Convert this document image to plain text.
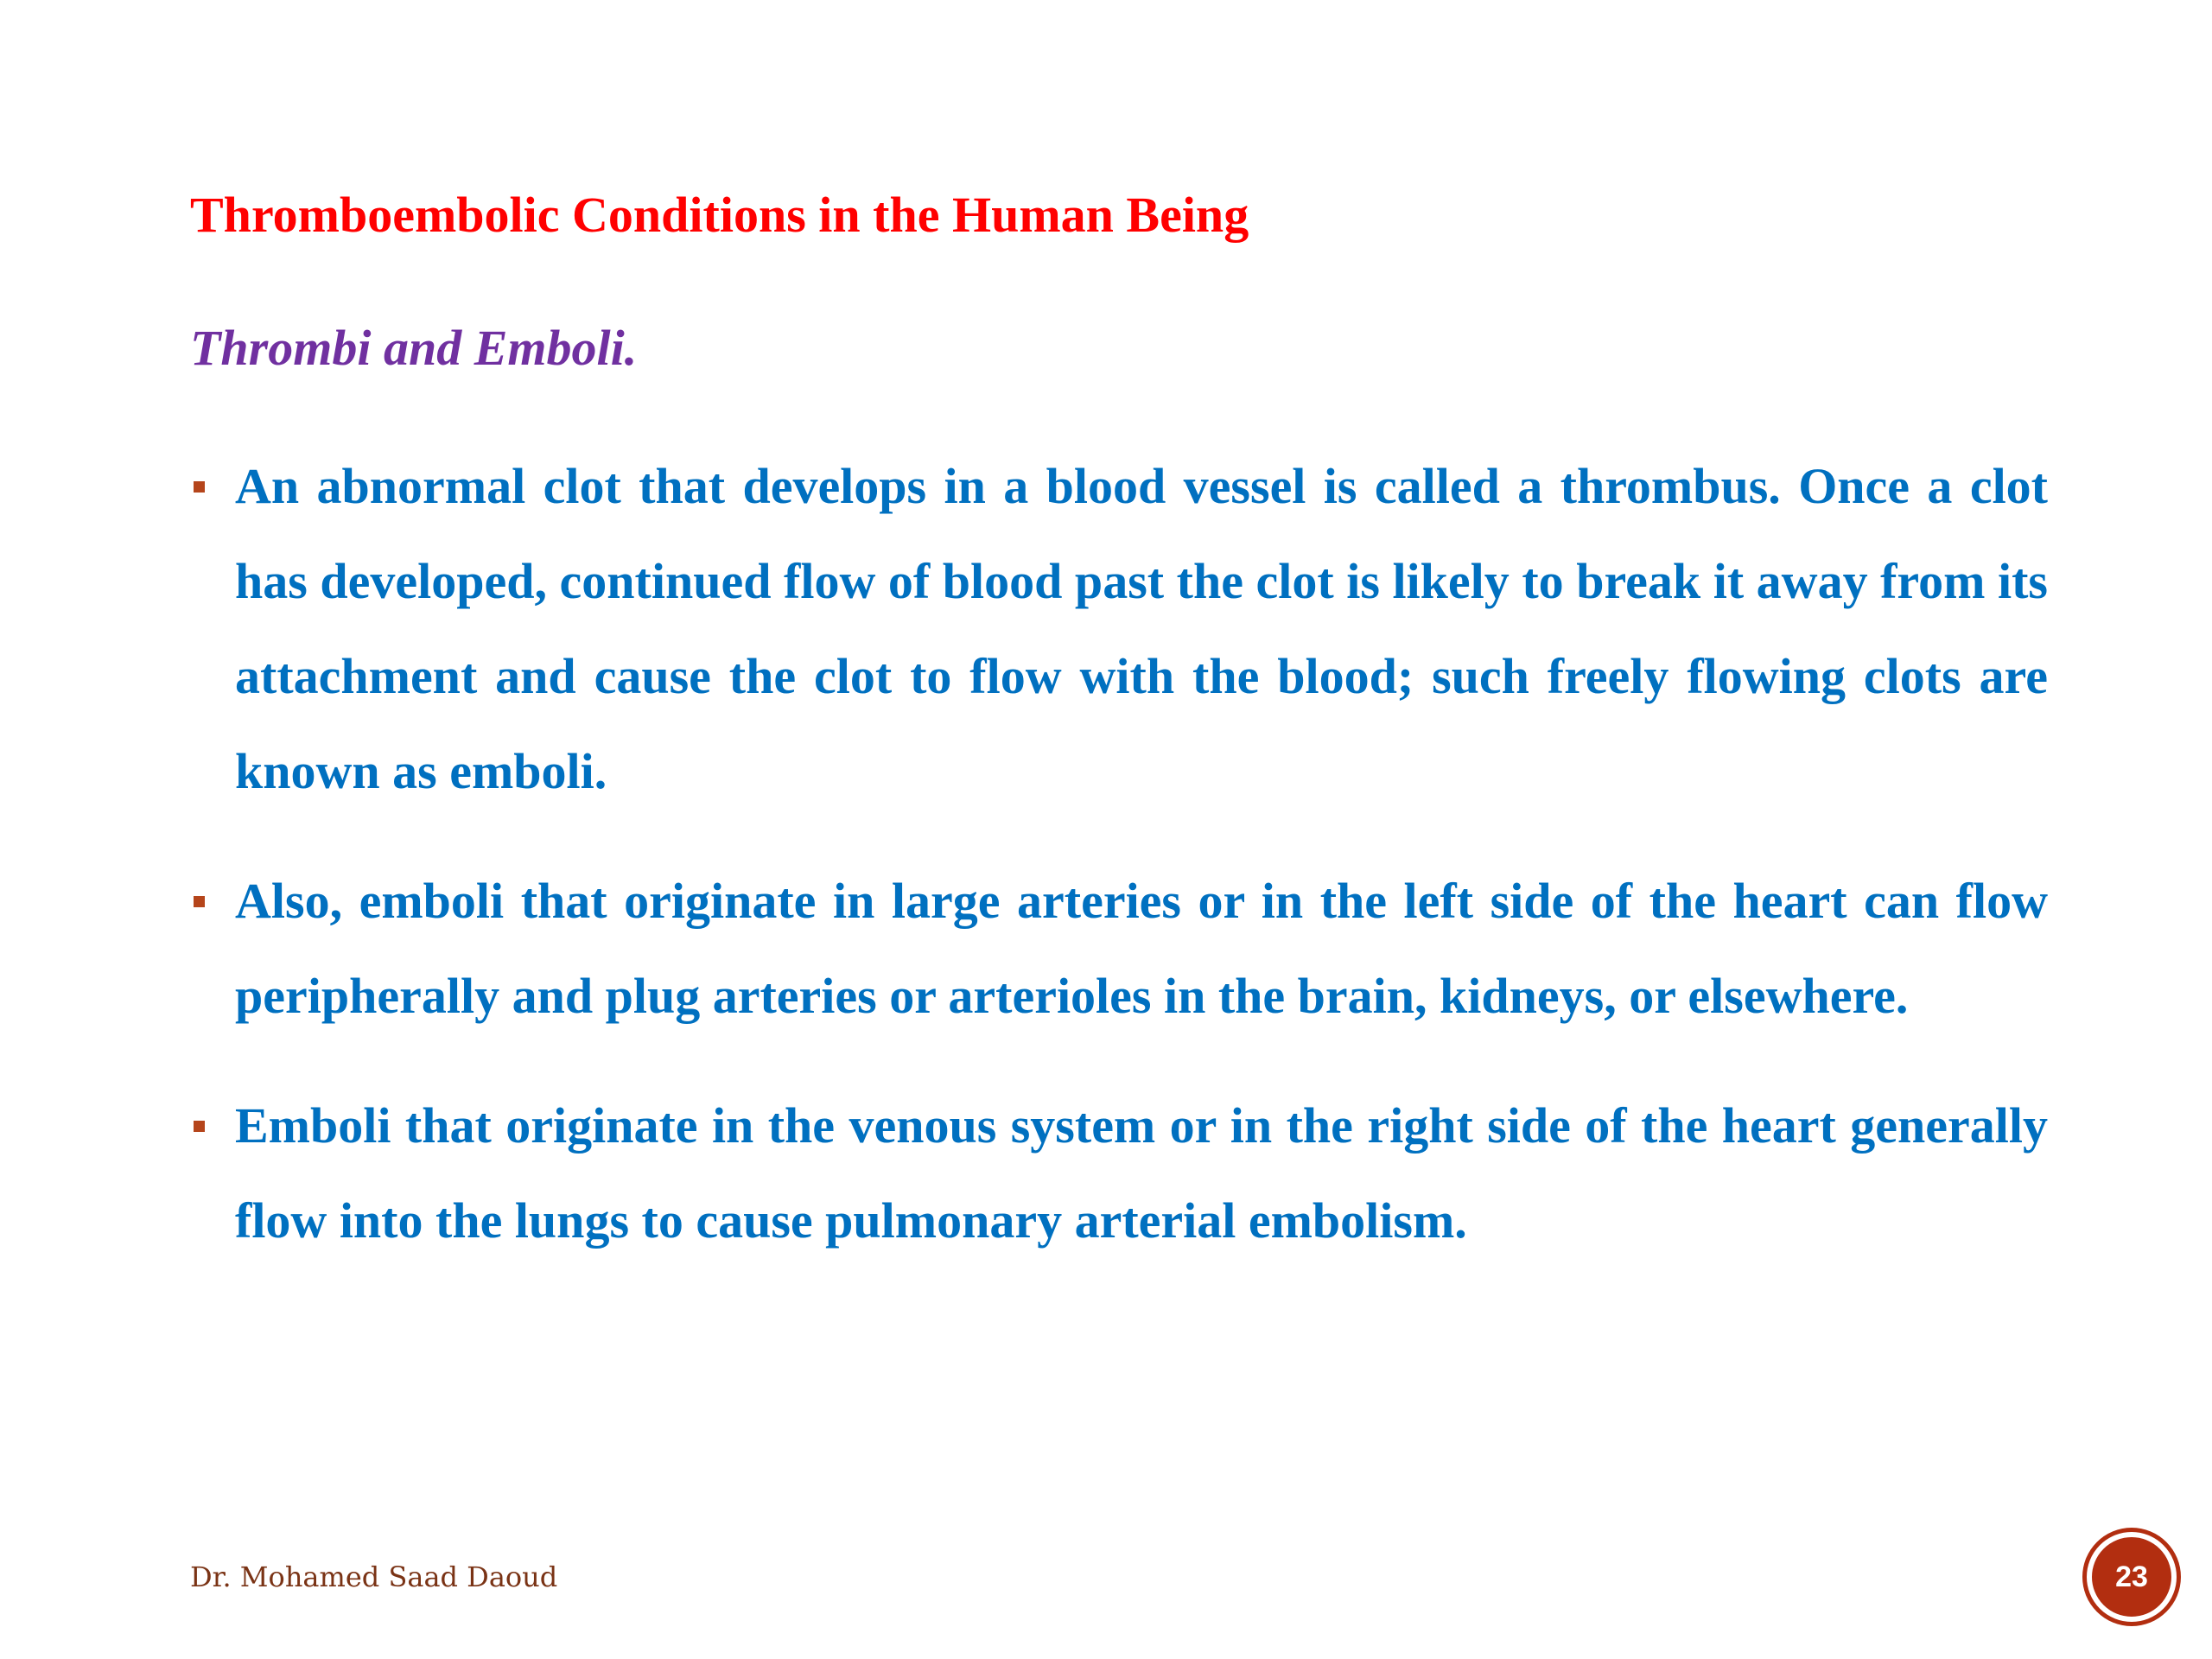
Thromboembolic Conditions in the Human Being
Thrombi and Emboli.
An abnormal clot that develops in a blood vessel is called a thrombus. Once a clot has developed, continued flow of blood past the clot is likely to break it away from its attachment and cause the clot to flow with the blood; such freely flowing clots are known as emboli.
Also, emboli that originate in large arteries or in the left side of the heart can flow peripherally and plug arteries or arterioles in the brain, kidneys, or elsewhere.
Emboli that originate in the venous system or in the right side of the heart generally flow into the lungs to cause pulmonary arterial embolism.
Dr. Mohamed Saad Daoud	23
